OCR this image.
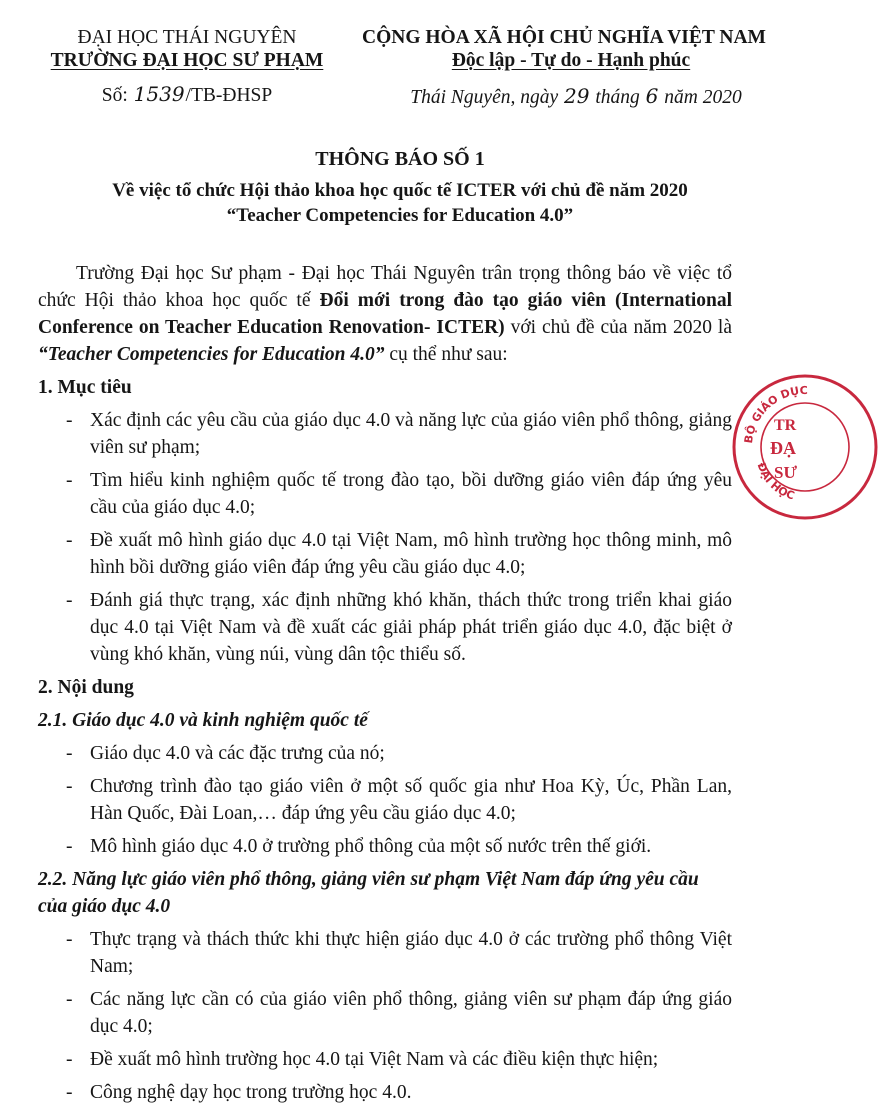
ĐẠI HỌC THÁI NGUYÊN
TRƯỜNG ĐẠI HỌC SƯ PHẠM
Số: 1539/TB-ĐHSP
CỘNG HÒA XÃ HỘI CHỦ NGHĨA VIỆT NAM
Độc lập - Tự do - Hạnh phúc
Thái Nguyên, ngày 29 tháng 6 năm 2020
THÔNG BÁO SỐ 1
Về việc tổ chức Hội thảo khoa học quốc tế ICTER với chủ đề năm 2020
“Teacher Competencies for Education 4.0”

Trường Đại học Sư phạm - Đại học Thái Nguyên trân trọng thông báo về việc tổ chức Hội thảo khoa học quốc tế Đổi mới trong đào tạo giáo viên (International Conference on Teacher Education Renovation- ICTER) với chủ đề của năm 2020 là “Teacher Competencies for Education 4.0” cụ thể như sau:

1. Mục tiêu
- Xác định các yêu cầu của giáo dục 4.0 và năng lực của giáo viên phổ thông, giảng viên sư phạm;
- Tìm hiểu kinh nghiệm quốc tế trong đào tạo, bồi dưỡng giáo viên đáp ứng yêu cầu của giáo dục 4.0;
- Đề xuất mô hình giáo dục 4.0 tại Việt Nam, mô hình trường học thông minh, mô hình bồi dưỡng giáo viên đáp ứng yêu cầu giáo dục 4.0;
- Đánh giá thực trạng, xác định những khó khăn, thách thức trong triển khai giáo dục 4.0 tại Việt Nam và đề xuất các giải pháp phát triển giáo dục 4.0, đặc biệt ở vùng khó khăn, vùng núi, vùng dân tộc thiểu số.
2. Nội dung
2.1. Giáo dục 4.0 và kinh nghiệm quốc tế
- Giáo dục 4.0 và các đặc trưng của nó;
- Chương trình đào tạo giáo viên ở một số quốc gia như Hoa Kỳ, Úc, Phần Lan, Hàn Quốc, Đài Loan,… đáp ứng yêu cầu giáo dục 4.0;
- Mô hình giáo dục 4.0 ở trường phổ thông của một số nước trên thế giới.
2.2. Năng lực giáo viên phổ thông, giảng viên sư phạm Việt Nam đáp ứng yêu cầu của giáo dục 4.0
- Thực trạng và thách thức khi thực hiện giáo dục 4.0 ở các trường phổ thông Việt Nam;
- Các năng lực cần có của giáo viên phổ thông, giảng viên sư phạm đáp ứng giáo dục 4.0;
- Đề xuất mô hình trường học 4.0 tại Việt Nam và các điều kiện thực hiện;
- Công nghệ dạy học trong trường học 4.0.
BỘ GIÁO DỤC
ĐẠI HỌC
TR
ĐẠ
SƯ
